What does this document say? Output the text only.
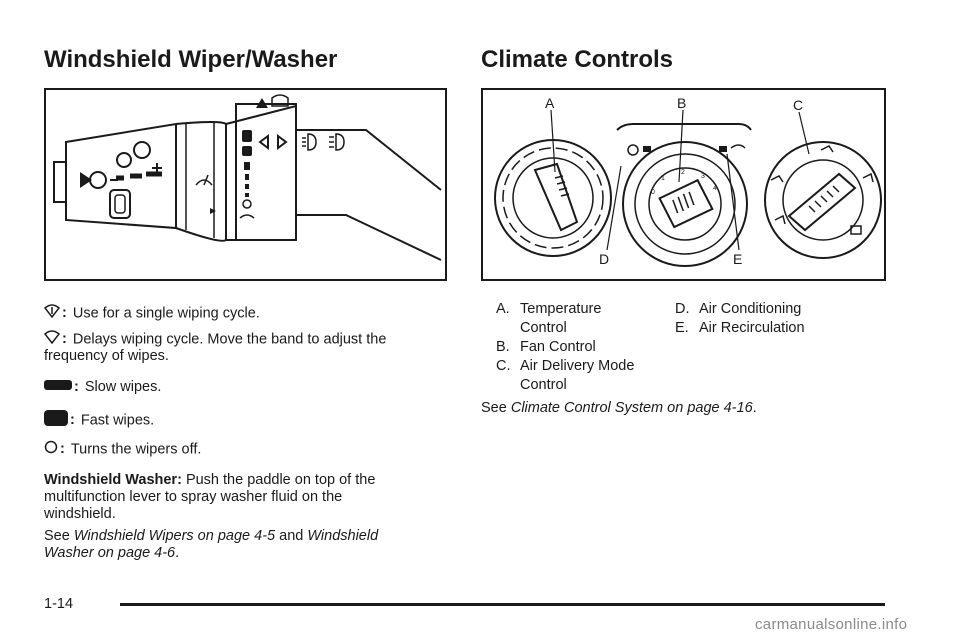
Windshield Wiper/Washer
: Use for a single wiping cycle.
: Delays wiping cycle. Move the band to adjust the
frequency of wipes.
: Slow wipes.
: Fast wipes.
: Turns the wipers off.
Windshield Washer: Push the paddle on top of the
multifunction lever to spray washer fluid on the
windshield.
See Windshield Wipers on page 4-5 and Windshield
Washer on page 4-6.
Climate Controls
0
1
2
3
4
A	B	C
D	E
A. Temperature
Control
B. Fan Control
C. Air Delivery Mode
Control
D. Air Conditioning
E. Air Recirculation
See Climate Control System on page 4-16.
1-14
carmanualsonline.info
